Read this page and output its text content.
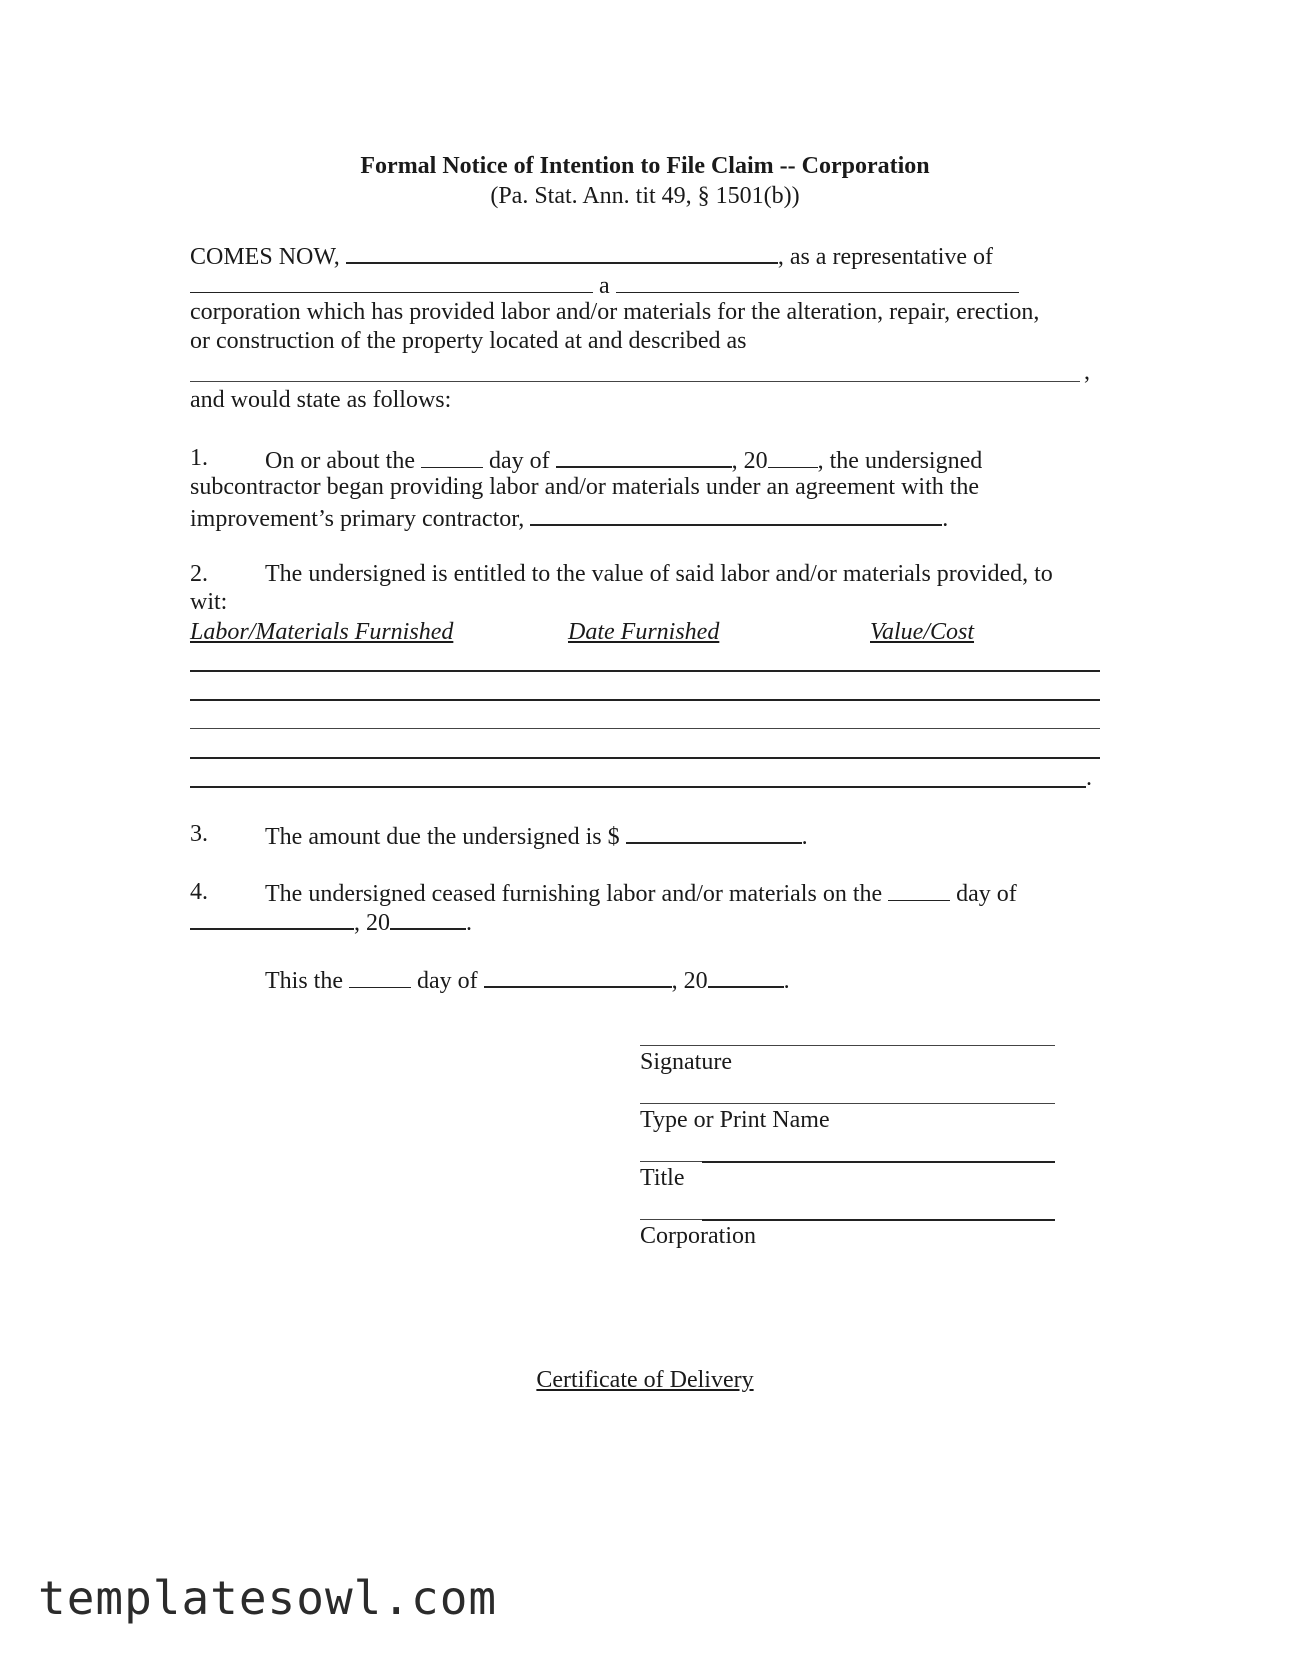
Formal Notice of Intention to File Claim -- Corporation
(Pa. Stat. Ann. tit 49, § 1501(b))
COMES NOW,	, as a representative of
a
corporation which has provided labor and/or materials for the alteration, repair, erection,
or construction of the property located at and described as
,
and would state as follows:
1. On or about the	day of	, 20 , the undersigned
subcontractor began providing labor and/or materials under an agreement with the
improvement’s primary contractor,	.
2. The undersigned is entitled to the value of said labor and/or materials provided, to
wit:
Labor/Materials Furnished	Date Furnished	Value/Cost
.
3. The amount due the undersigned is $	.
4. The undersigned ceased furnishing labor and/or materials on the	day of
, 20	.
This the	day of	, 20	.
Signature
Type or Print Name
Title
Corporation
Certificate of Delivery
templatesowl.com
